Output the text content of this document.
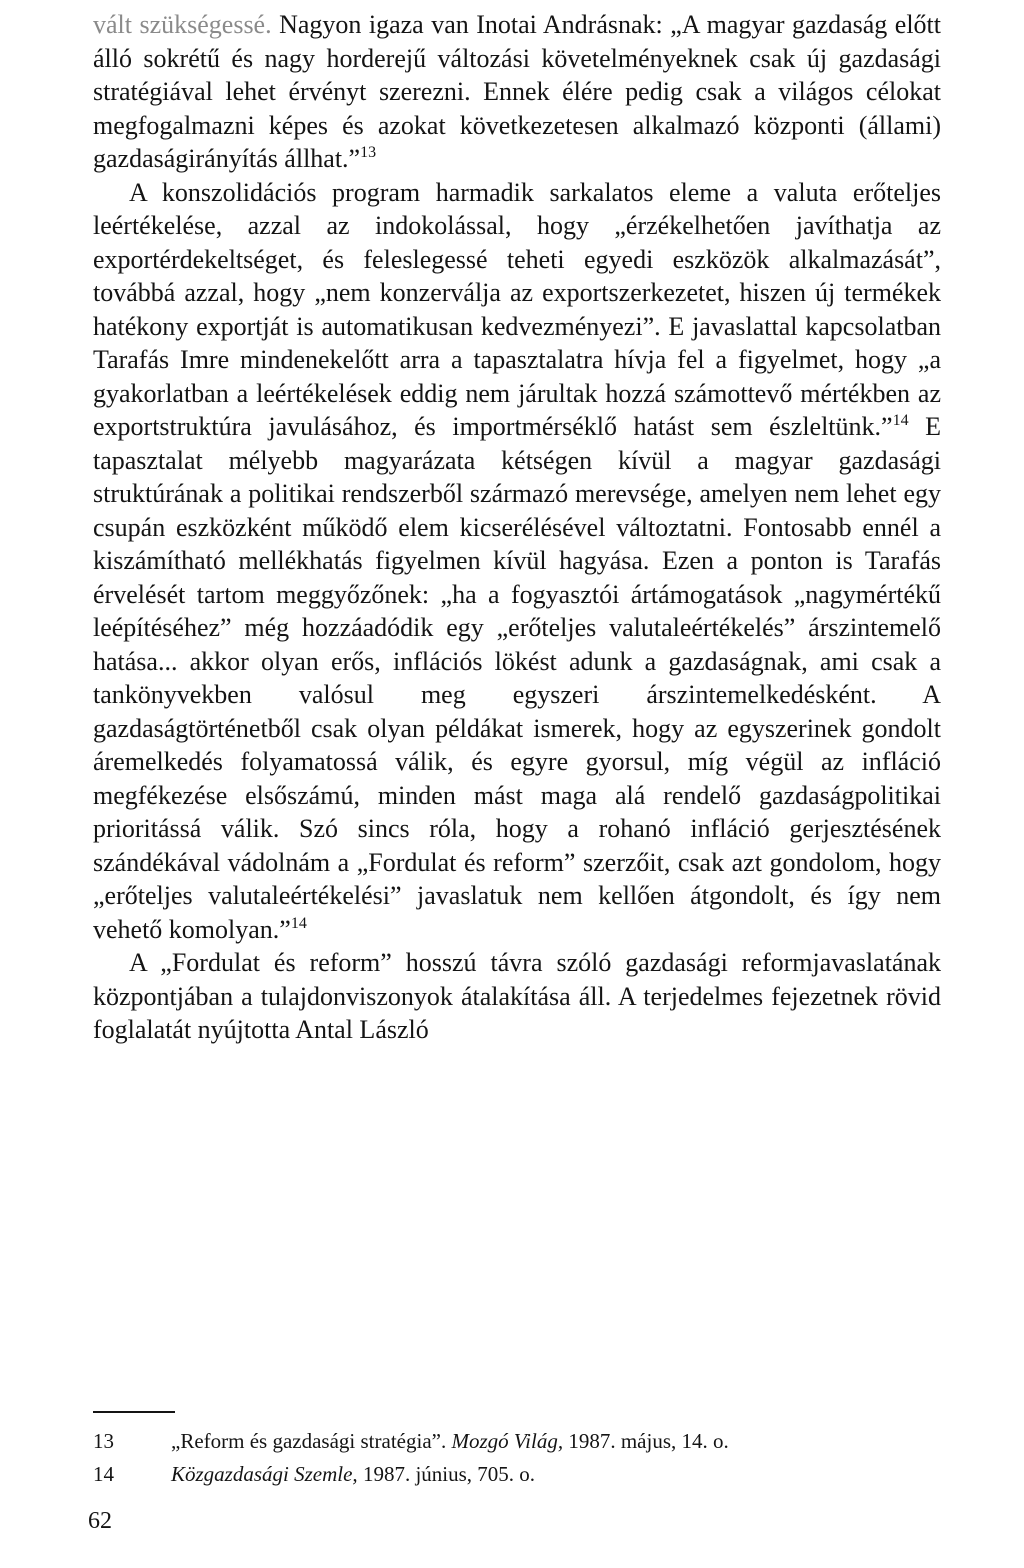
vált szükségessé. Nagyon igaza van Inotai Andrásnak: „A magyar gazdaság előtt álló sokrétű és nagy horderejű változási követelményeknek csak új gazdasági stratégiával lehet érvényt szerezni. Ennek élére pedig csak a világos célokat megfogalmazni képes és azokat következetesen alkalmazó központi (állami) gazdaságirányítás állhat.”$^{13}$

A konszolidációs program harmadik sarkalatos eleme a valuta erőteljes leértékelése, azzal az indokolással, hogy „érzékelhetően javíthatja az exportérdekeltséget, és feleslegessé teheti egyedi eszközök alkalmazását”, továbbá azzal, hogy „nem konzerválja az exportszerkezetet, hiszen új termékek hatékony exportját is automatikusan kedvezményezi”. E javaslattal kapcsolatban Tarafás Imre mindenekelőtt arra a tapasztalatra hívja fel a figyelmet, hogy „a gyakorlatban a leértékelések eddig nem járultak hozzá számottevő mértékben az exportstruktúra javulásához, és importmérséklő hatást sem észleltünk.”$^{14}$ E tapasztalat mélyebb magyarázata kétségen kívül a magyar gazdasági struktúrának a politikai rendszerből származó merevsége, amelyen nem lehet egy csupán eszközként működő elem kicserélésével változtatni. Fontosabb ennél a kiszámítható mellékhatás figyelmen kívül hagyása. Ezen a ponton is Tarafás érvelését tartom meggyőzőnek: „ha a fogyasztói ártámogatások „nagymértékű leépítéséhez” még hozzáadódik egy „erőteljes valutaleértékelés” árszintemelő hatása... akkor olyan erős, inflációs lökést adunk a gazdaságnak, ami csak a tankönyvekben valósul meg egyszeri árszintemelkedésként. A gazdaságtörténetből csak olyan példákat ismerek, hogy az egyszerinek gondolt áremelkedés folyamatossá válik, és egyre gyorsul, míg végül az infláció megfékezése elsőszámú, minden mást maga alá rendelő gazdaságpolitikai prioritássá válik. Szó sincs róla, hogy a rohanó infláció gerjesztésének szándékával vádolnám a „Fordulat és reform” szerzőit, csak azt gondolom, hogy „erőteljes valutaleértékelési” javaslatuk nem kellően átgondolt, és így nem vehető komolyan.”$^{14}$

A „Fordulat és reform” hosszú távra szóló gazdasági reformjavaslatának központjában a tulajdonviszonyok átalakítása áll. A terjedelmes fejezetnek rövid foglalatát nyújtotta Antal László

13	„Reform és gazdasági stratégia”. Mozgó Világ, 1987. május, 14. o.
14	Közgazdasági Szemle, 1987. június, 705. o.
62
